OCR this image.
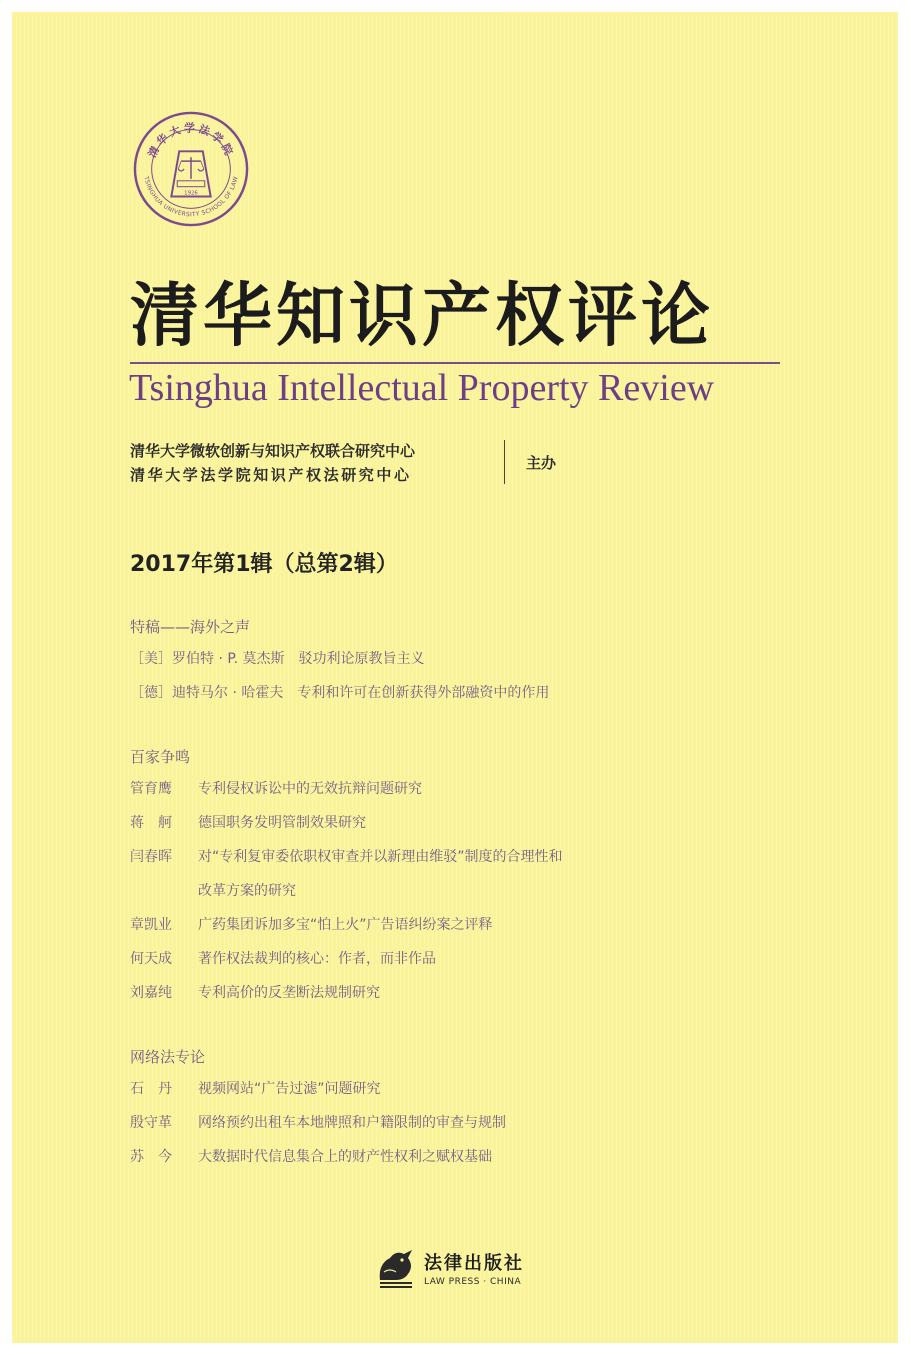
清华大学法学院
TSINGHUA UNIVERSITY SCHOOL OF LAW
1926
清华知识产权评论
Tsinghua Intellectual Property Review
清华大学微软创新与知识产权联合研究中心
清华大学法学院知识产权法研究中心
主办
2017年第1辑（总第2辑）
特稿——海外之声
［美］罗伯特 · P. 莫杰斯 驳功利论原教旨主义
［德］迪特马尔 · 哈霍夫 专利和许可在创新获得外部融资中的作用
百家争鸣
管育鹰	专利侵权诉讼中的无效抗辩问题研究
蒋　舸	德国职务发明管制效果研究
闫春晖	对“专利复审委依职权审查并以新理由维驳”制度的合理性和
改革方案的研究
章凯业	广药集团诉加多宝“怕上火”广告语纠纷案之评释
何天成	著作权法裁判的核心：作者，而非作品
刘嘉纯	专利高价的反垄断法规制研究
网络法专论
石　丹	视频网站“广告过滤”问题研究
殷守革	网络预约出租车本地牌照和户籍限制的审查与规制
苏　今	大数据时代信息集合上的财产性权利之赋权基础
法律出版社
LAW PRESS · CHINA
